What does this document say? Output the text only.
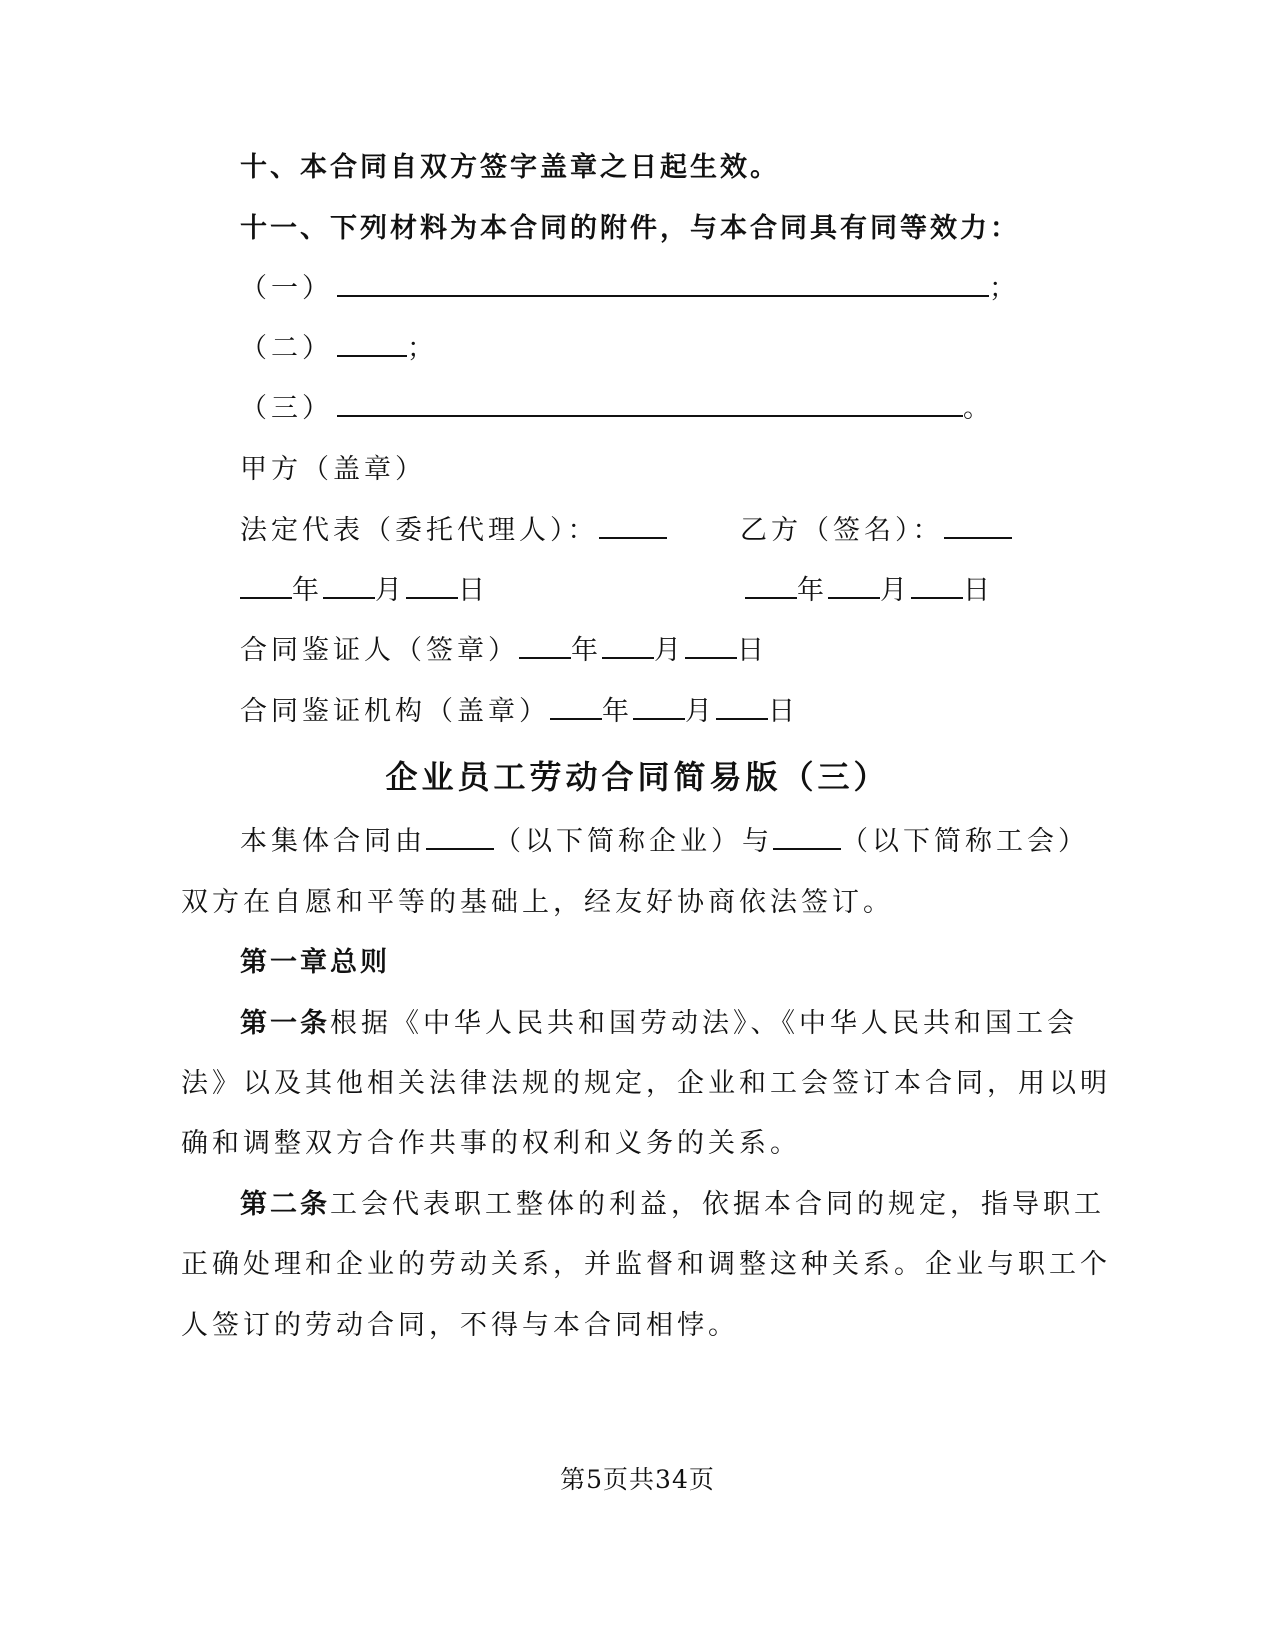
十、本合同自双方签字盖章之日起生效。
十一、下列材料为本合同的附件，与本合同具有同等效力：
（一）	；
（二）	；
（三）	。
甲方（盖章）
法定代表（委托代理人）：	乙方（签名）：
年 月 日	年 月 日
合同鉴证人（签章） 年 月 日
合同鉴证机构（盖章） 年 月 日
企业员工劳动合同简易版（三）
本集体合同由	（以下简称企业）与	（以下简称工会）
双方在自愿和平等的基础上，经友好协商依法签订。
第一章总则
第一条根据《中华人民共和国劳动法》、《中华人民共和国工会
法》以及其他相关法律法规的规定，企业和工会签订本合同，用以明
确和调整双方合作共事的权利和义务的关系。
第二条工会代表职工整体的利益，依据本合同的规定，指导职工
正确处理和企业的劳动关系，并监督和调整这种关系。企业与职工个
人签订的劳动合同，不得与本合同相悖。
第5页共34页
